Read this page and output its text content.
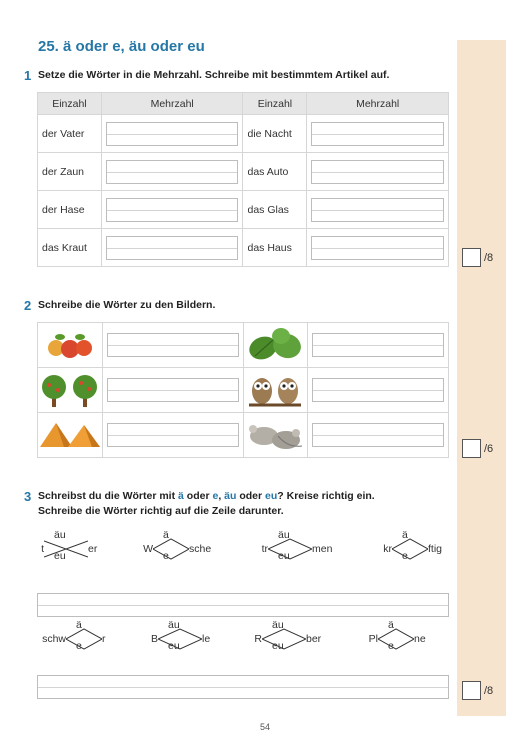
25. ä oder e, äu oder eu
1 Setze die Wörter in die Mehrzahl. Schreibe mit bestimmtem Artikel auf.
Einzahl	Mehrzahl	Einzahl	Mehrzahl
der Vater		die Nacht	

der Zaun		das Auto	

der Hase		das Glas	

das Kraut		das Haus	
/8
2 Schreibe die Wörter zu den Bildern.

/6
3 Schreibst du die Wörter mit ä oder e, äu oder eu? Kreise richtig ein.
Schreibe die Wörter richtig auf die Zeile darunter.
t
äu
eu
er	W
ä
e
sche	tr
äu
eu
men	kr
ä
e
ftig
schw
ä
e
r	B
äu
eu
le	R
äu
eu
ber	Pl
ä
e
ne
/8
54
